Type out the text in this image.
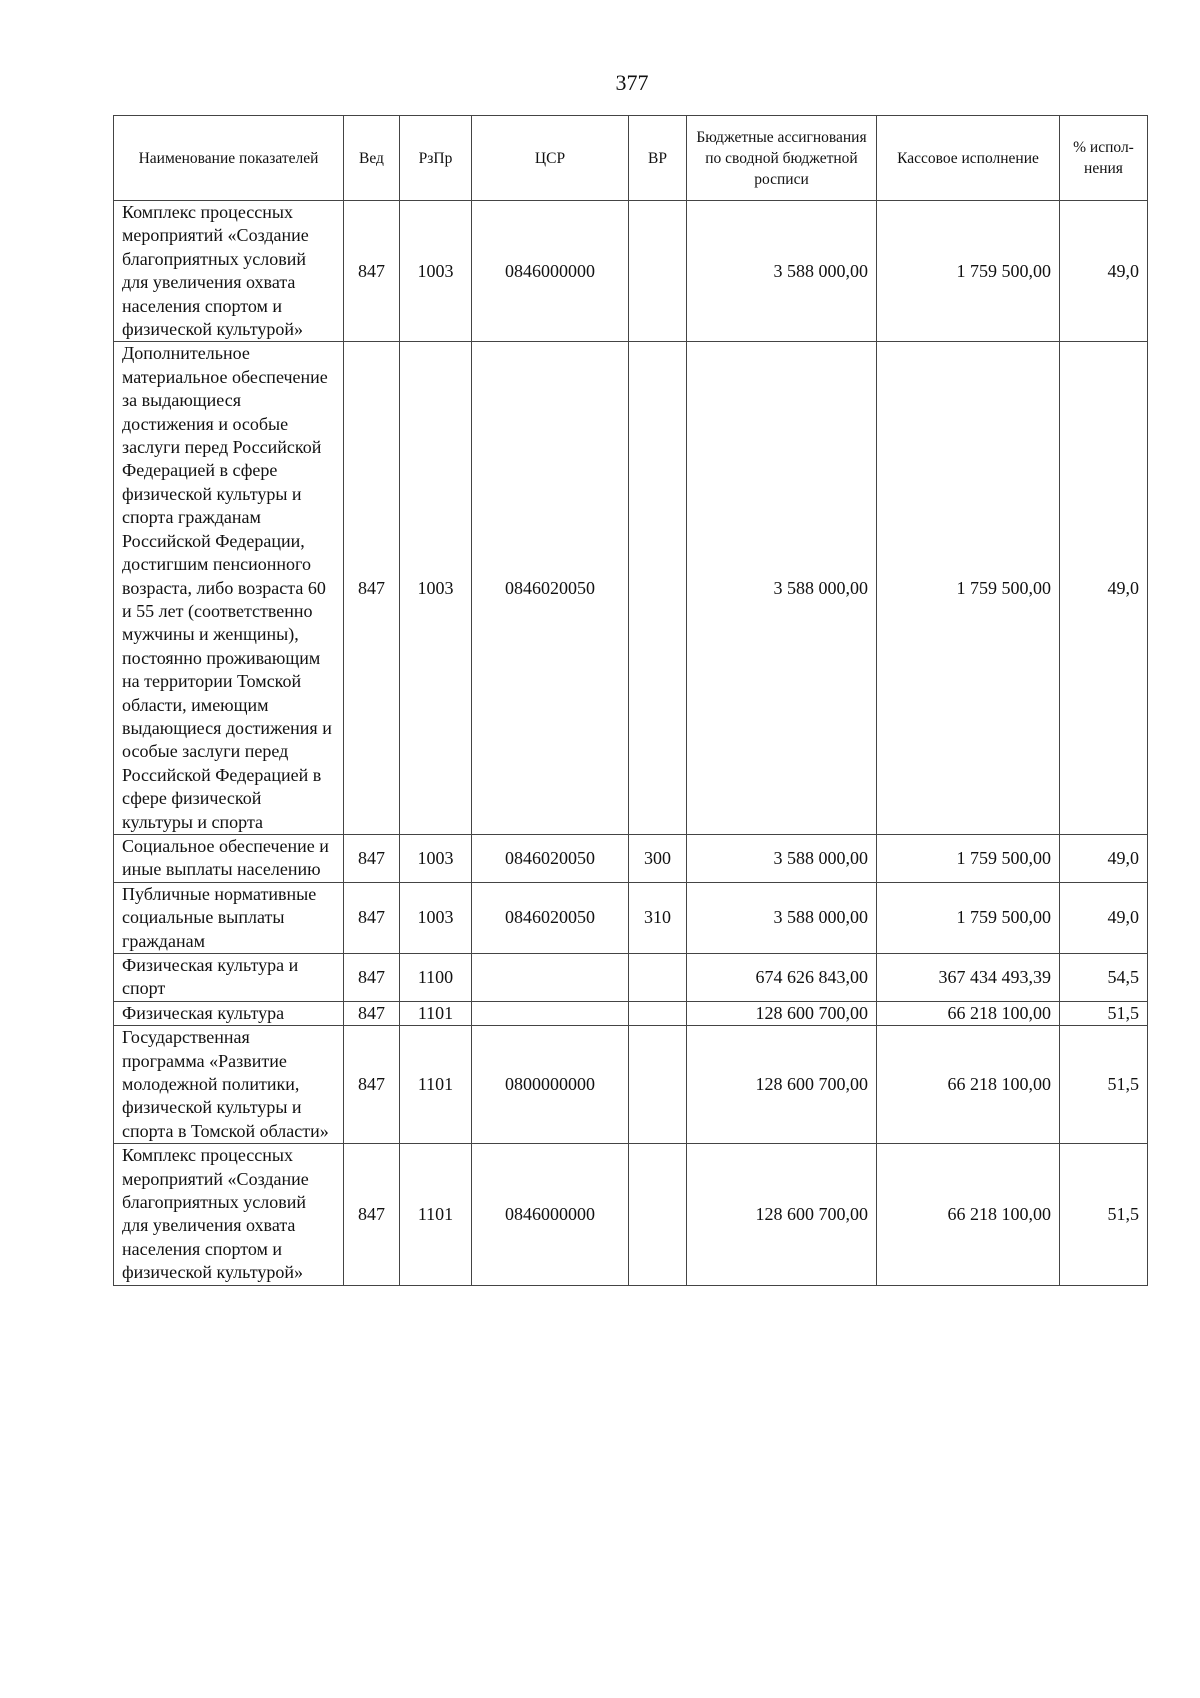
377
Наименование показателей	Вед	РзПр	ЦСР	ВР	Бюджетные ассигнования по сводной бюджетной росписи	Кассовое исполнение	% испол-нения
Комплекс процессных мероприятий «Создание благоприятных условий для увеличения охвата населения спортом и физической культурой»	847	1003	0846000000		3 588 000,00	1 759 500,00	49,0
Дополнительное материальное обеспечение за выдающиеся достижения и особые заслуги перед Российской Федерацией в сфере физической культуры и спорта гражданам Российской Федерации, достигшим пенсионного возраста, либо возраста 60 и 55 лет (соответственно мужчины и женщины), постоянно проживающим на территории Томской области, имеющим выдающиеся достижения и особые заслуги перед Российской Федерацией в сфере физической культуры и спорта	847	1003	0846020050		3 588 000,00	1 759 500,00	49,0
Социальное обеспечение и иные выплаты населению	847	1003	0846020050	300	3 588 000,00	1 759 500,00	49,0
Публичные нормативные социальные выплаты гражданам	847	1003	0846020050	310	3 588 000,00	1 759 500,00	49,0
Физическая культура и спорт	847	1100			674 626 843,00	367 434 493,39	54,5
Физическая культура	847	1101			128 600 700,00	66 218 100,00	51,5
Государственная программа «Развитие молодежной политики, физической культуры и спорта в Томской области»	847	1101	0800000000		128 600 700,00	66 218 100,00	51,5
Комплекс процессных мероприятий «Создание благоприятных условий для увеличения охвата населения спортом и физической культурой»	847	1101	0846000000		128 600 700,00	66 218 100,00	51,5
